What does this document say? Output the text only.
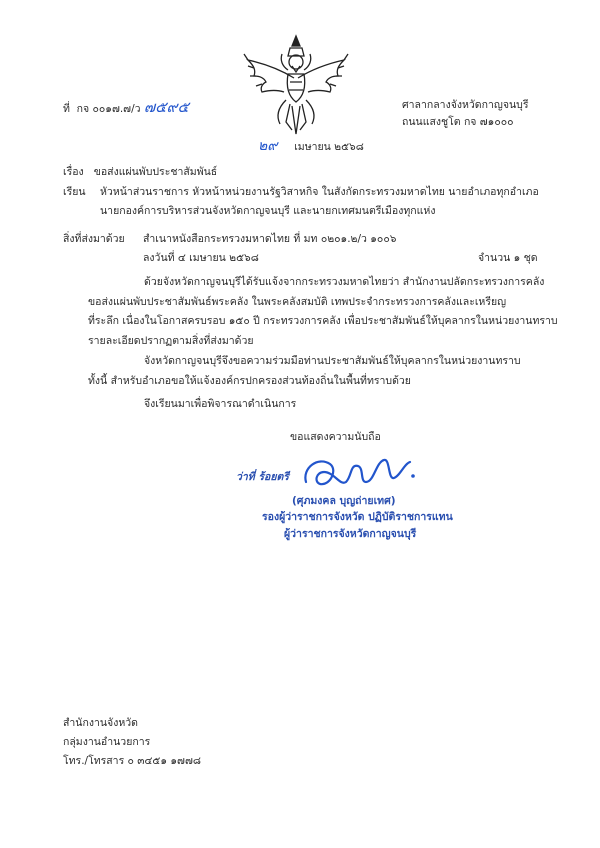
ที่ กจ ๐๐๑๗.๗/ว ๗๕๙๕	ศาลากลางจังหวัดกาญจนบุรี
ถนนแสงชูโต กจ ๗๑๐๐๐
๒๙ เมษายน ๒๕๖๘
เรื่อง ขอส่งแผ่นพับประชาสัมพันธ์
เรียน หัวหน้าส่วนราชการ หัวหน้าหน่วยงานรัฐวิสาหกิจ ในสังกัดกระทรวงมหาดไทย นายอำเภอทุกอำเภอ
นายกองค์การบริหารส่วนจังหวัดกาญจนบุรี และนายกเทศมนตรีเมืองทุกแห่ง
สิ่งที่ส่งมาด้วย สำเนาหนังสือกระทรวงมหาดไทย ที่ มท ๐๒๐๑.๒/ว ๑๐๐๖
ลงวันที่ ๔ เมษายน ๒๕๖๘	จำนวน ๑ ชุด
ด้วยจังหวัดกาญจนบุรีได้รับแจ้งจากกระทรวงมหาดไทยว่า สำนักงานปลัดกระทรวงการคลัง
ขอส่งแผ่นพับประชาสัมพันธ์พระคลัง ในพระคลังสมบัติ เทพประจำกระทรวงการคลังและเหรียญ
ที่ระลึก เนื่องในโอกาสครบรอบ ๑๕๐ ปี กระทรวงการคลัง เพื่อประชาสัมพันธ์ให้บุคลากรในหน่วยงานทราบ
รายละเอียดปรากฏตามสิ่งที่ส่งมาด้วย
จังหวัดกาญจนบุรีจึงขอความร่วมมือท่านประชาสัมพันธ์ให้บุคลากรในหน่วยงานทราบ
ทั้งนี้ สำหรับอำเภอขอให้แจ้งองค์กรปกครองส่วนท้องถิ่นในพื้นที่ทราบด้วย
จึงเรียนมาเพื่อพิจารณาดำเนินการ
ขอแสดงความนับถือ
ว่าที่ ร้อยตรี
(ศุภมงคล บุญถ่ายเทศ)
รองผู้ว่าราชการจังหวัด ปฏิบัติราชการแทน
ผู้ว่าราชการจังหวัดกาญจนบุรี
สำนักงานจังหวัด
กลุ่มงานอำนวยการ
โทร./โทรสาร ๐ ๓๔๕๑ ๑๗๗๘
